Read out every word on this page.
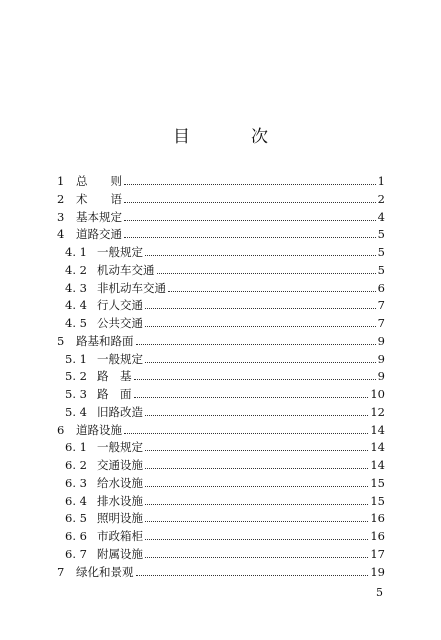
目　次
1	总　　则	1
2	术　　语	2
3	基本规定	4
4	道路交通	5
4. 1 一般规定	5
4. 2 机动车交通	5
4. 3 非机动车交通	6
4. 4 行人交通	7
4. 5 公共交通	7
5	路基和路面	9
5. 1 一般规定	9
5. 2 路　基	9
5. 3 路　面	10
5. 4 旧路改造	12
6	道路设施	14
6. 1 一般规定	14
6. 2 交通设施	14
6. 3 给水设施	15
6. 4 排水设施	15
6. 5 照明设施	16
6. 6 市政箱柜	16
6. 7 附属设施	17
7	绿化和景观	19
5
